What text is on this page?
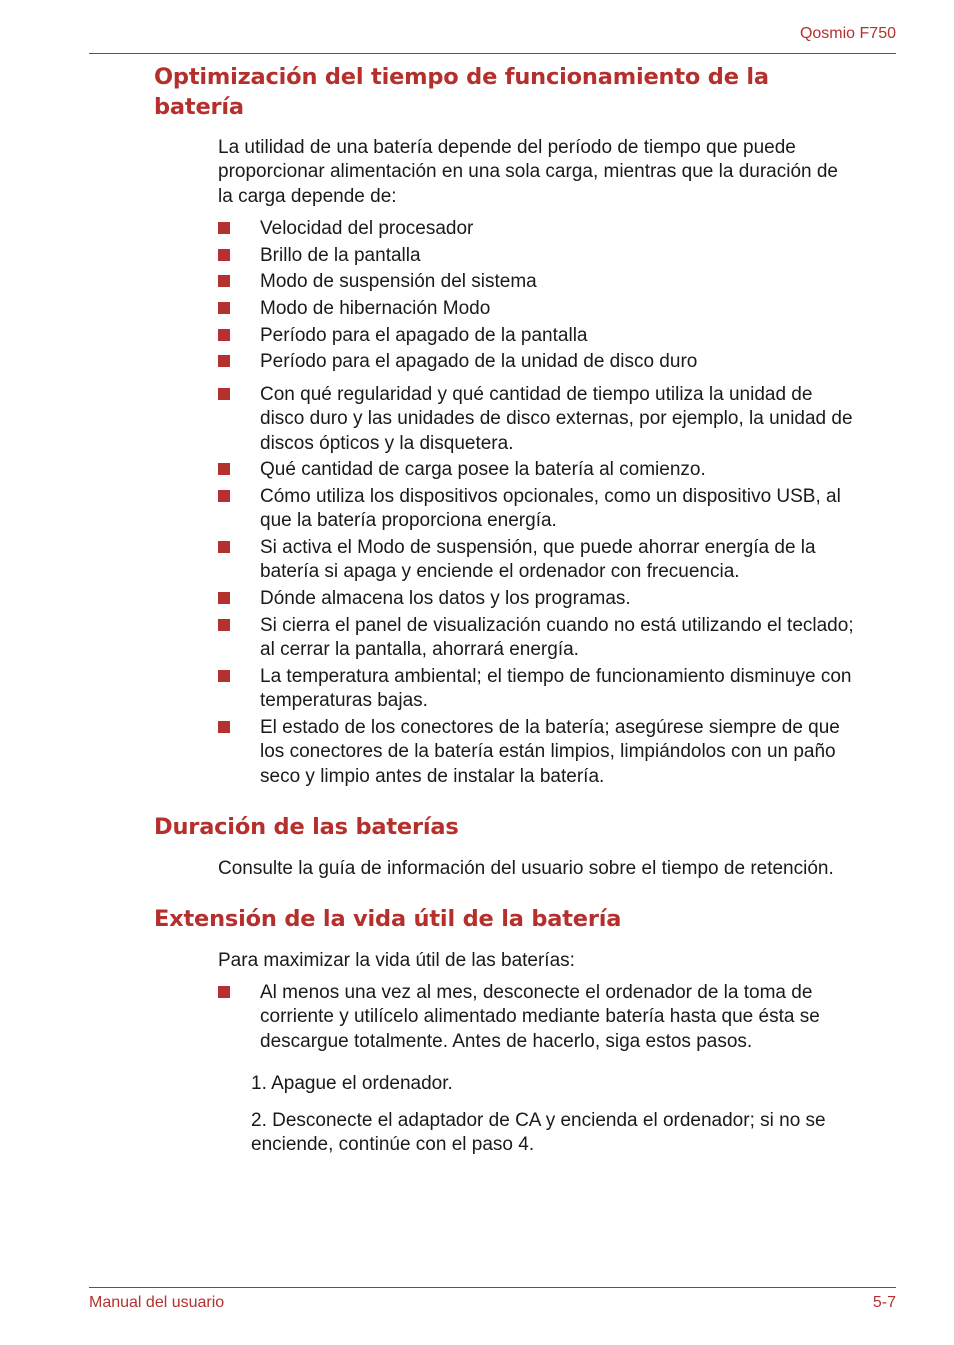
Qosmio F750
Optimización del tiempo de funcionamiento de la
batería
La utilidad de una batería depende del período de tiempo que puede
proporcionar alimentación en una sola carga, mientras que la duración de
la carga depende de:
Velocidad del procesador
Brillo de la pantalla
Modo de suspensión del sistema
Modo de hibernación Modo
Período para el apagado de la pantalla
Período para el apagado de la unidad de disco duro
Con qué regularidad y qué cantidad de tiempo utiliza la unidad de
disco duro y las unidades de disco externas, por ejemplo, la unidad de
discos ópticos y la disquetera.
Qué cantidad de carga posee la batería al comienzo.
Cómo utiliza los dispositivos opcionales, como un dispositivo USB, al
que la batería proporciona energía.
Si activa el Modo de suspensión, que puede ahorrar energía de la
batería si apaga y enciende el ordenador con frecuencia.
Dónde almacena los datos y los programas.
Si cierra el panel de visualización cuando no está utilizando el teclado;
al cerrar la pantalla, ahorrará energía.
La temperatura ambiental; el tiempo de funcionamiento disminuye con
temperaturas bajas.
El estado de los conectores de la batería; asegúrese siempre de que
los conectores de la batería están limpios, limpiándolos con un paño
seco y limpio antes de instalar la batería.
Duración de las baterías
Consulte la guía de información del usuario sobre el tiempo de retención.
Extensión de la vida útil de la batería
Para maximizar la vida útil de las baterías:
Al menos una vez al mes, desconecte el ordenador de la toma de
corriente y utilícelo alimentado mediante batería hasta que ésta se
descargue totalmente. Antes de hacerlo, siga estos pasos.
1. Apague el ordenador.
2. Desconecte el adaptador de CA y encienda el ordenador; si no se
enciende, continúe con el paso 4.
Manual del usuario	5-7
